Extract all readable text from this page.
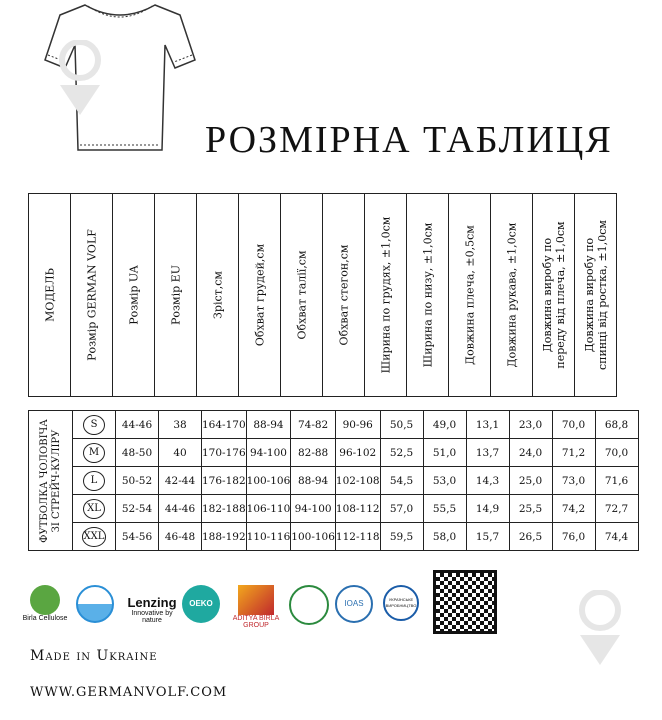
РОЗМІРНА ТАБЛИЦЯ
МОДЕЛЬ	Розмір GERMAN VOLF	Розмір UA	Розмір EU	Зріст,см	Обхват грудей,см	Обхват талії,см	Обхват стегон,см	Ширина по грудях, ±1,0см	Ширина по низу, ±1,0см	Довжина плеча, ±0,5см	Довжина рукава, ±1,0см	Довжина виробу по переду від плеча, ±1,0см	Довжина виробу по спинці від ростка, ±1,0см
ФУТБОЛКА ЧОЛОВІЧА ЗІ СТРЕЙЧ-КУЛІРУ	S	44-46	38	164-170	88-94	74-82	90-96	50,5	49,0	13,1	23,0	70,0	68,8
	M	48-50	40	170-176	94-100	82-88	96-102	52,5	51,0	13,7	24,0	71,2	70,0
	L	50-52	42-44	176-182	100-106	88-94	102-108	54,5	53,0	14,3	25,0	73,0	71,6
	XL	52-54	44-46	182-188	106-110	94-100	108-112	57,0	55,5	14,9	25,5	74,2	72,7
	XXL	54-56	46-48	188-192	110-116	100-106	112-118	59,5	58,0	15,7	26,5	76,0	74,4
Birla Cellulose
Lenzing
Innovative by nature
OEKO TEX
ADITYA BIRLA GROUP
IOAS	УКРАЇНСЬКЕ ВИРОБНИЦТВО
Made in Ukraine
WWW.GERMANVOLF.COM
